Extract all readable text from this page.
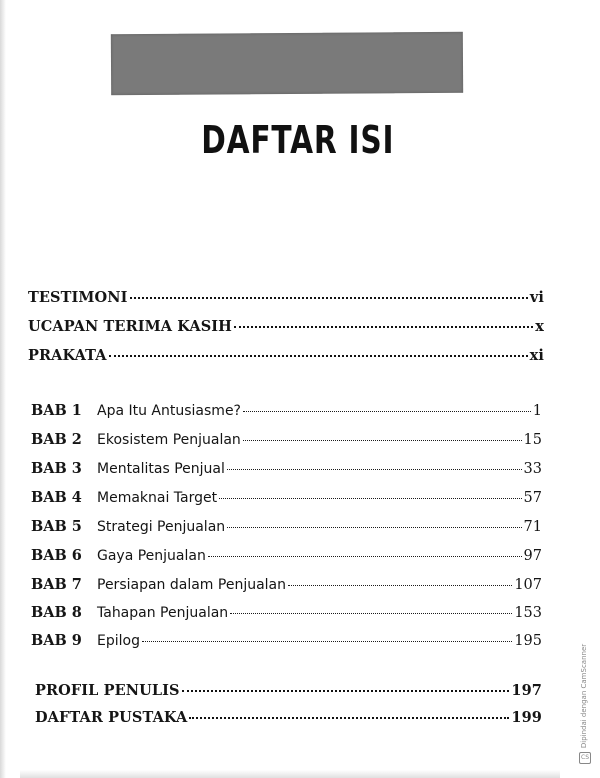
DAFTAR ISI
TESTIMONI	vi
UCAPAN TERIMA KASIH	x
PRAKATA	xi
BAB 1	Apa Itu Antusiasme?	1
BAB 2	Ekosistem Penjualan	15
BAB 3	Mentalitas Penjual	33
BAB 4	Memaknai Target	57
BAB 5	Strategi Penjualan	71
BAB 6	Gaya Penjualan	97
BAB 7	Persiapan dalam Penjualan	107
BAB 8	Tahapan Penjualan	153
BAB 9	Epilog	195
PROFIL PENULIS	197
DAFTAR PUSTAKA	199	Dipindai dengan CamScanner
CS
